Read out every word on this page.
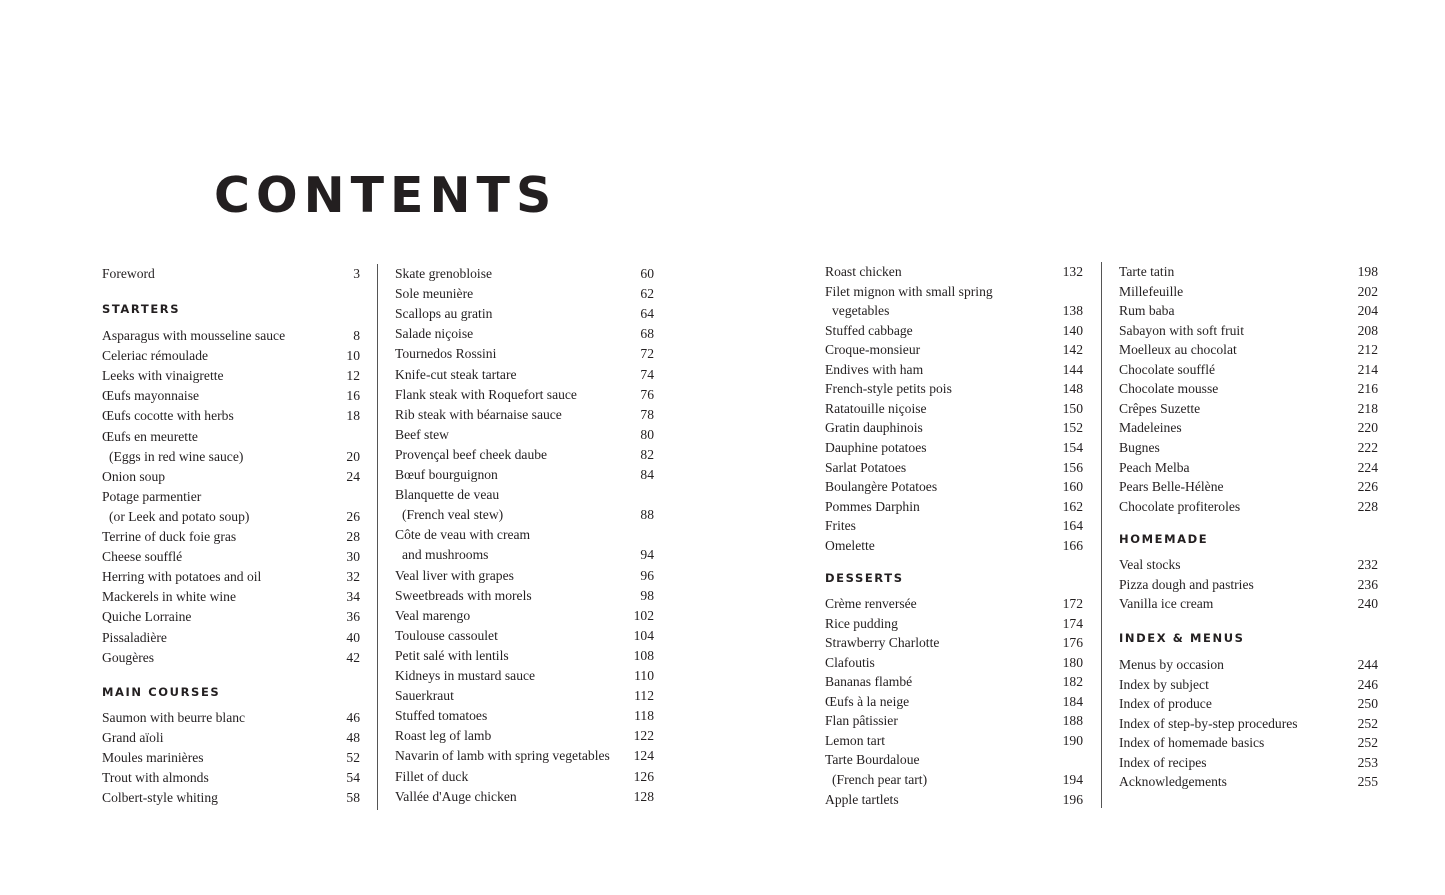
CONTENTS
Foreword	3
STARTERS
Asparagus with mousseline sauce	8
Celeriac rémoulade	10
Leeks with vinaigrette	12
Œufs mayonnaise	16
Œufs cocotte with herbs	18
Œufs en meurette
(Eggs in red wine sauce)	20
Onion soup	24
Potage parmentier
(or Leek and potato soup)	26
Terrine of duck foie gras	28
Cheese soufflé	30
Herring with potatoes and oil	32
Mackerels in white wine	34
Quiche Lorraine	36
Pissaladière	40
Gougères	42
MAIN COURSES
Saumon with beurre blanc	46
Grand aïoli	48
Moules marinières	52
Trout with almonds	54
Colbert-style whiting	58
Skate grenobloise	60
Sole meunière	62
Scallops au gratin	64
Salade niçoise	68
Tournedos Rossini	72
Knife-cut steak tartare	74
Flank steak with Roquefort sauce	76
Rib steak with béarnaise sauce	78
Beef stew	80
Provençal beef cheek daube	82
Bœuf bourguignon	84
Blanquette de veau
(French veal stew)	88
Côte de veau with cream
and mushrooms	94
Veal liver with grapes	96
Sweetbreads with morels	98
Veal marengo	102
Toulouse cassoulet	104
Petit salé with lentils	108
Kidneys in mustard sauce	110
Sauerkraut	112
Stuffed tomatoes	118
Roast leg of lamb	122
Navarin of lamb with spring vegetables 124
Fillet of duck	126
Vallée d'Auge chicken	128
Roast chicken	132
Filet mignon with small spring
vegetables	138
Stuffed cabbage	140
Croque-monsieur	142
Endives with ham	144
French-style petits pois	148
Ratatouille niçoise	150
Gratin dauphinois	152
Dauphine potatoes	154
Sarlat Potatoes	156
Boulangère Potatoes	160
Pommes Darphin	162
Frites	164
Omelette	166
DESSERTS
Crème renversée	172
Rice pudding	174
Strawberry Charlotte	176
Clafoutis	180
Bananas flambé	182
Œufs à la neige	184
Flan pâtissier	188
Lemon tart	190
Tarte Bourdaloue
(French pear tart)	194
Apple tartlets	196
Tarte tatin	198
Millefeuille	202
Rum baba	204
Sabayon with soft fruit	208
Moelleux au chocolat	212
Chocolate soufflé	214
Chocolate mousse	216
Crêpes Suzette	218
Madeleines	220
Bugnes	222
Peach Melba	224
Pears Belle-Hélène	226
Chocolate profiteroles	228
HOMEMADE
Veal stocks	232
Pizza dough and pastries	236
Vanilla ice cream	240
INDEX & MENUS
Menus by occasion	244
Index by subject	246
Index of produce	250
Index of step-by-step procedures	252
Index of homemade basics	252
Index of recipes	253
Acknowledgements	255
